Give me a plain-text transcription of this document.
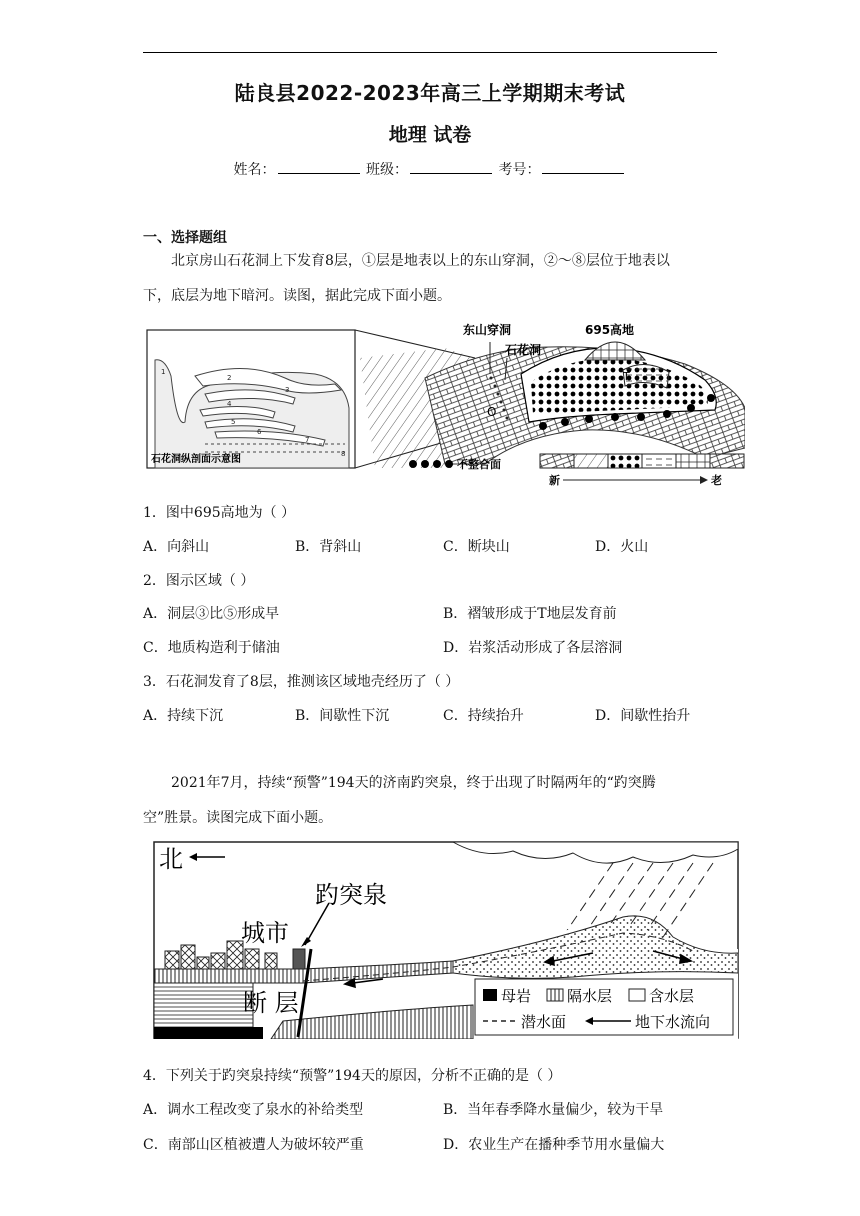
陆良县2022-2023年高三上学期期末考试
地理 试卷
姓名：	班级：	考号：
一、选择题组
北京房山石花洞上下发育8层，①层是地表以上的东山穿洞，②～⑧层位于地表以
下，底层为地下暗河。读图，据此完成下面小题。
1
2
3
4
5
6
7
8
石花洞纵剖面示意图
东山穿洞
石花洞
695高地
T
O
不整合面
新	老
1．图中695高地为（ ）
A．向斜山	B．背斜山	C．断块山	D．火山
2．图示区域（ ）
A．洞层③比⑤形成早	B．褶皱形成于T地层发育前
C．地质构造利于储油	D．岩浆活动形成了各层溶洞
3．石花洞发育了8层，推测该区域地壳经历了（ ）
A．持续下沉	B．间歇性下沉	C．持续抬升	D．间歇性抬升
2021年7月，持续“预警”194天的济南趵突泉，终于出现了时隔两年的“趵突腾
空”胜景。读图完成下面小题。
北
趵突泉
城市
断 层	母岩 隔水层 含水层
潜水面	地下水流向
4．下列关于趵突泉持续“预警”194天的原因，分析不正确的是（ ）
A．调水工程改变了泉水的补给类型	B．当年春季降水量偏少，较为干旱
C．南部山区植被遭人为破坏较严重	D．农业生产在播种季节用水量偏大
